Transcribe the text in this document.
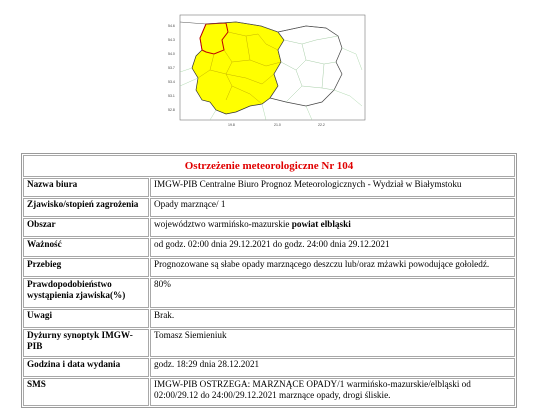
54.6
54.3
54.0
53.7
53.4
53.1
52.8
19.8	21.0	22.2
Ostrzeżenie meteorologiczne Nr 104	
Nazwa biura	IMGW-PIB Centralne Biuro Prognoz Meteorologicznych - Wydział w Białymstoku
Zjawisko/stopień zagrożenia	Opady marznące/ 1
Obszar	województwo warmińsko-mazurskie powiat elbląski
Ważność	od godz. 02:00 dnia 29.12.2021 do godz. 24:00 dnia 29.12.2021
Przebieg	Prognozowane są słabe opady marznącego deszczu lub/oraz mżawki powodujące gołoledź.
Prawdopodobieństwo wystąpienia zjawiska(%)	80%
Uwagi	Brak.
Dyżurny synoptyk IMGW-PIB	Tomasz Siemieniuk
Godzina i data wydania	godz. 18:29 dnia 28.12.2021
SMS	IMGW-PIB OSTRZEGA: MARZNĄCE OPADY/1 warmińsko-mazurskie/elbląski od 02:00/29.12 do 24:00/29.12.2021 marznące opady, drogi śliskie.
